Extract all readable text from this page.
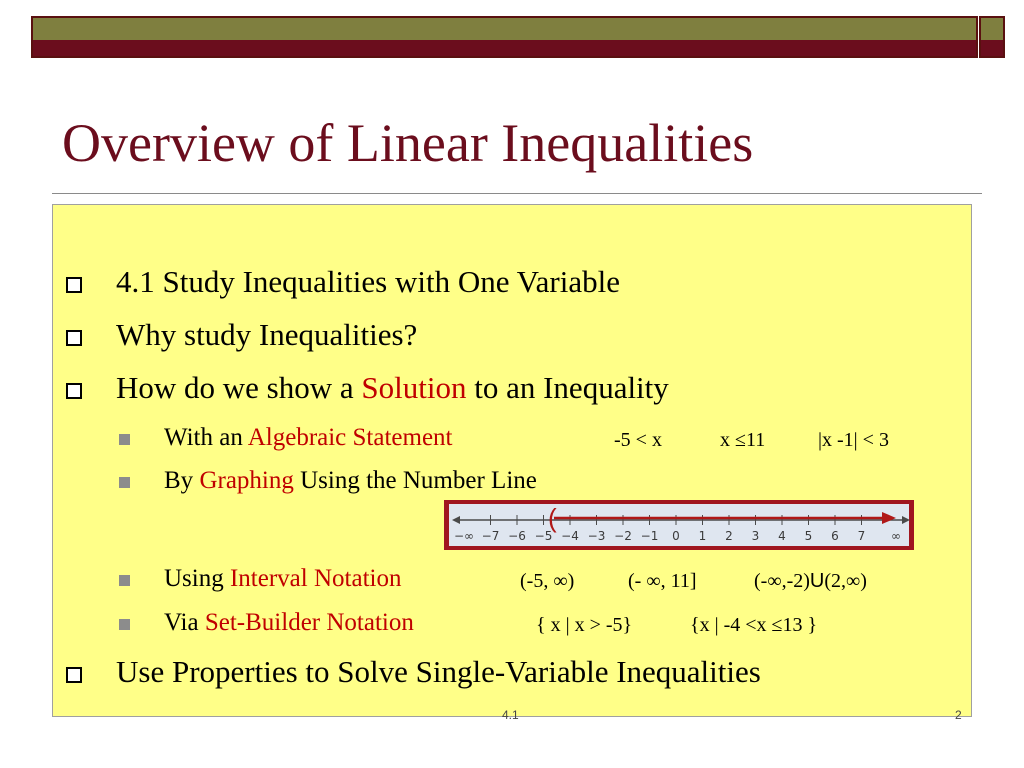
Overview of Linear Inequalities
4.1 Study Inequalities with One Variable
Why study Inequalities?
How do we show a Solution to an Inequality
With an Algebraic Statement	-5 < x	x ≤11	|x -1| < 3
By Graphing Using the Number Line
−∞ −7 −6 −5 −4 −3 −2 −1 0 1 2 3 4 5 6 7 ∞
(
Using Interval Notation	(-5, ∞)	(- ∞, 11]	(-∞,-2)U(2,∞)
Via Set-Builder Notation	{ x | x > -5}	{x | -4 <x ≤13 }
Use Properties to Solve Single-Variable Inequalities
4.1	2
